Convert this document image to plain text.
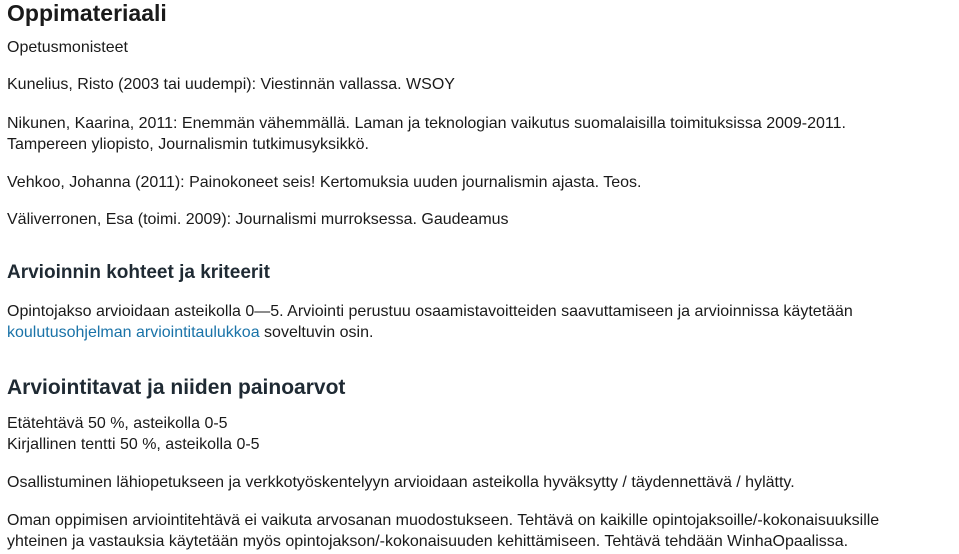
Oppimateriaali
Opetusmonisteet
Kunelius, Risto (2003 tai uudempi): Viestinnän vallassa. WSOY
Nikunen, Kaarina, 2011: Enemmän vähemmällä. Laman ja teknologian vaikutus suomalaisilla toimituksissa 2009-2011.
Tampereen yliopisto, Journalismin tutkimusyksikkö.
Vehkoo, Johanna (2011): Painokoneet seis! Kertomuksia uuden journalismin ajasta. Teos.
Väliverronen, Esa (toimi. 2009): Journalismi murroksessa. Gaudeamus
Arvioinnin kohteet ja kriteerit
Opintojakso arvioidaan asteikolla 0—5. Arviointi perustuu osaamistavoitteiden saavuttamiseen ja arvioinnissa käytetään
koulutusohjelman arviointitaulukkoa soveltuvin osin.
Arviointitavat ja niiden painoarvot
Etätehtävä 50 %, asteikolla 0-5
Kirjallinen tentti 50 %, asteikolla 0-5
Osallistuminen lähiopetukseen ja verkkotyöskentelyyn arvioidaan asteikolla hyväksytty / täydennettävä / hylätty.
Oman oppimisen arviointitehtävä ei vaikuta arvosanan muodostukseen. Tehtävä on kaikille opintojaksoille/-kokonaisuuksille
yhteinen ja vastauksia käytetään myös opintojakson/-kokonaisuuden kehittämiseen. Tehtävä tehdään WinhaOpaalissa.
